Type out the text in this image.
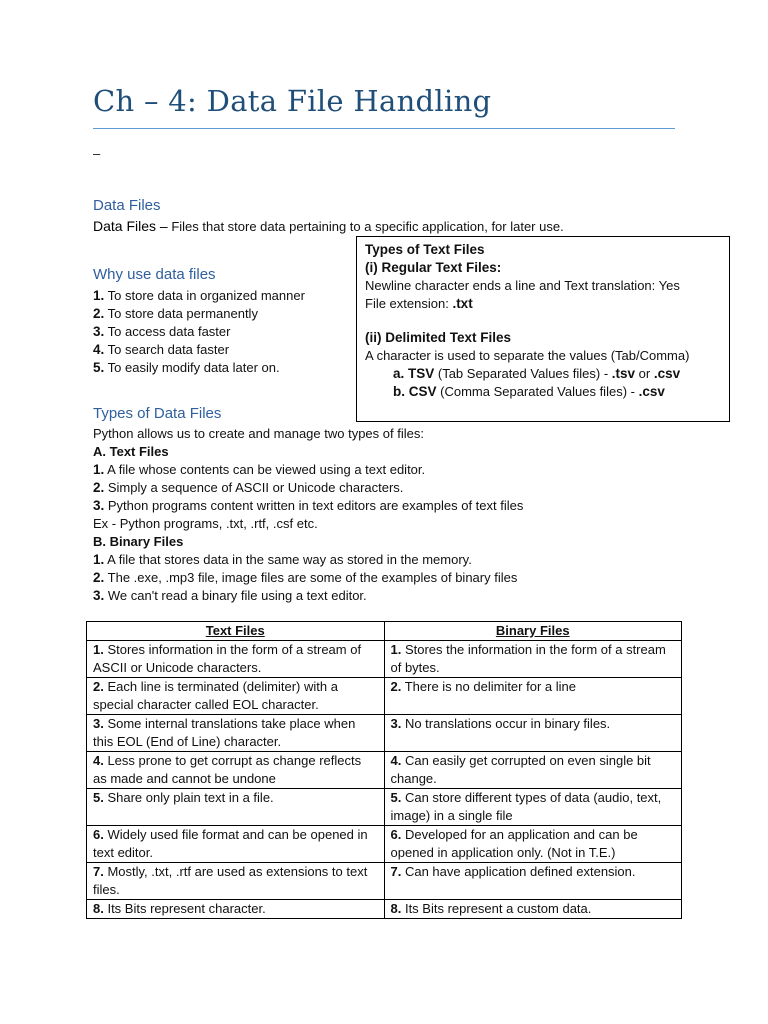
Ch – 4: Data File Handling
–
Data Files
Data Files – Files that store data pertaining to a specific application, for later use.
Why use data files
1. To store data in organized manner
2. To store data permanently
3. To access data faster
4. To search data faster
5. To easily modify data later on.
Types of Text Files
(i) Regular Text Files:
Newline character ends a line and Text translation: Yes
File extension: .txt
(ii) Delimited Text Files
A character is used to separate the values (Tab/Comma)
a. TSV (Tab Separated Values files) - .tsv or .csv
b. CSV (Comma Separated Values files) - .csv
Types of Data Files
Python allows us to create and manage two types of files:
A. Text Files
1. A file whose contents can be viewed using a text editor.
2. Simply a sequence of ASCII or Unicode characters.
3. Python programs content written in text editors are examples of text files
Ex - Python programs, .txt, .rtf, .csf etc.
B. Binary Files
1. A file that stores data in the same way as stored in the memory.
2. The .exe, .mp3 file, image files are some of the examples of binary files
3. We can't read a binary file using a text editor.
Text Files	Binary Files
1. Stores information in the form of a stream of ASCII or Unicode characters.	1. Stores the information in the form of a stream of bytes.
2. Each line is terminated (delimiter) with a special character called EOL character.	2. There is no delimiter for a line
3. Some internal translations take place when this EOL (End of Line) character.	3. No translations occur in binary files.
4. Less prone to get corrupt as change reflects as made and cannot be undone	4. Can easily get corrupted on even single bit change.
5. Share only plain text in a file.	5. Can store different types of data (audio, text, image) in a single file
6. Widely used file format and can be opened in text editor.	6. Developed for an application and can be opened in application only. (Not in T.E.)
7. Mostly, .txt, .rtf are used as extensions to text files.	7. Can have application defined extension.
8. Its Bits represent character.	8. Its Bits represent a custom data.
